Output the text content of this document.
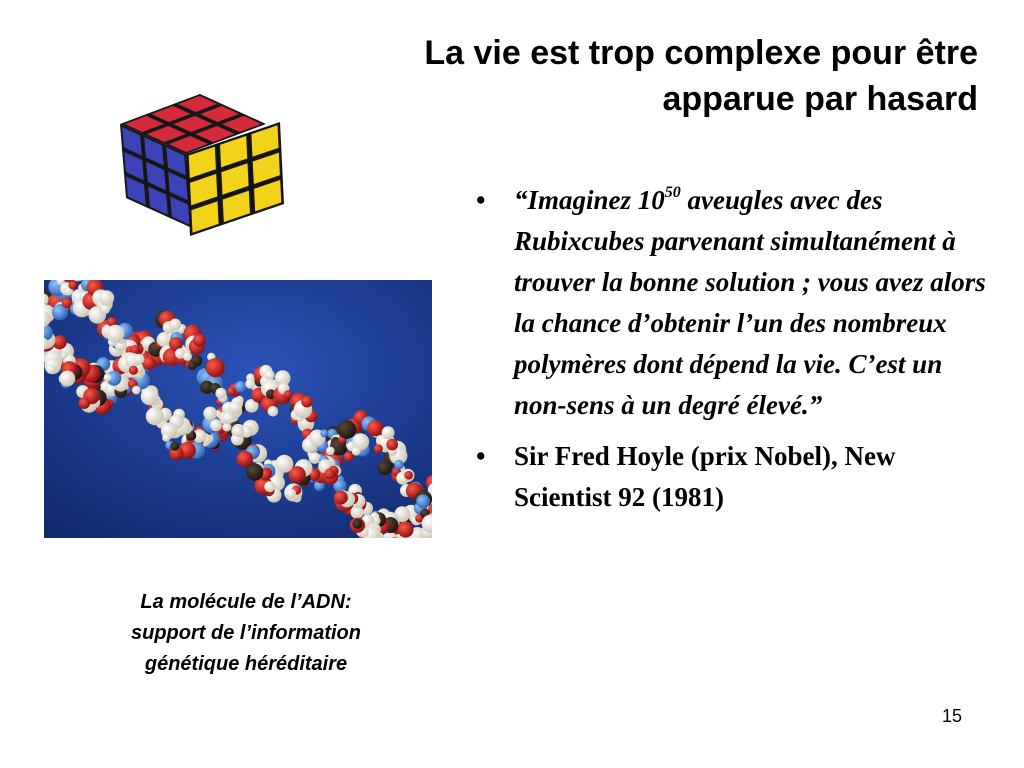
La vie est trop complexe pour être
apparue par hasard
La molécule de l’ADN:
support de l’information
génétique héréditaire
• “Imaginez $10^{50}$ aveugles avec des Rubixcubes parvenant simultanément à trouver la bonne solution ; vous avez alors la chance d’obtenir l’un des nombreux polymères dont dépend la vie. C’est un non-sens à un degré élevé.”
• Sir Fred Hoyle (prix Nobel), New Scientist 92 (1981)
15
